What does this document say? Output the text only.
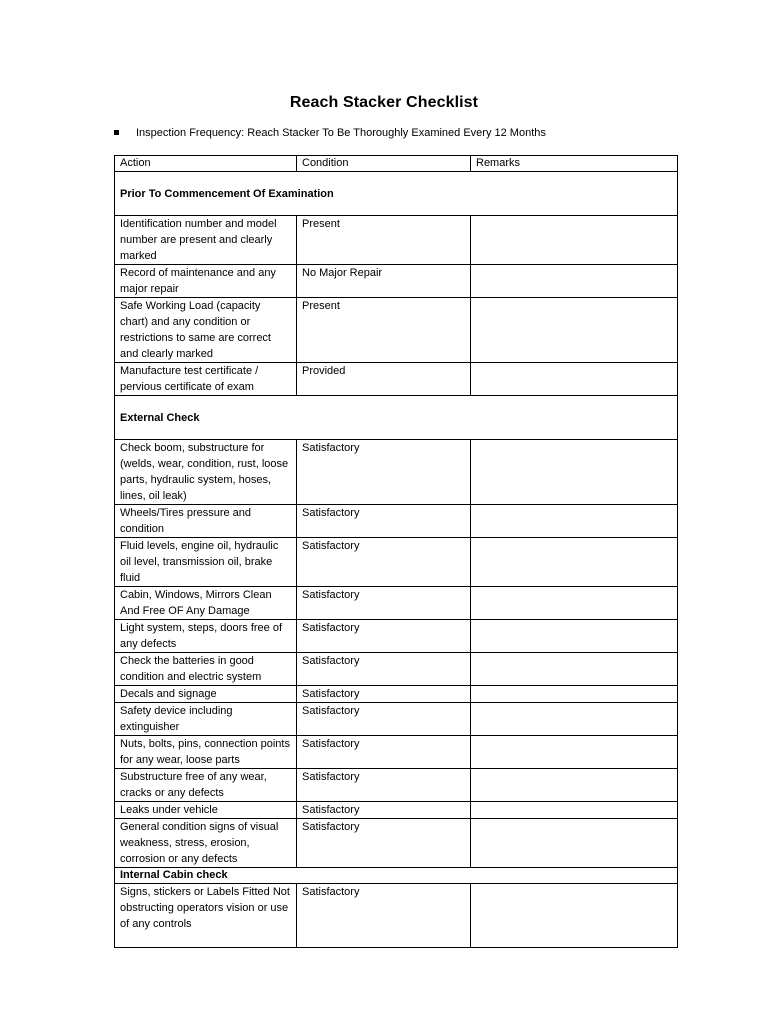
Reach Stacker Checklist
Inspection Frequency: Reach Stacker To Be Thoroughly Examined Every 12 Months
Action	Condition	Remarks
Prior To Commencement Of Examination		
Identification number and model number are present and clearly marked	Present	
Record of maintenance and any major repair	No Major Repair	
Safe Working Load (capacity chart) and any condition or restrictions to same are correct and clearly marked	Present	
Manufacture test certificate / pervious certificate of exam	Provided	
External Check		
Check boom, substructure for (welds, wear, condition, rust, loose parts, hydraulic system, hoses, lines, oil leak)	Satisfactory	
Wheels/Tires pressure and condition	Satisfactory	
Fluid levels, engine oil, hydraulic oil level, transmission oil, brake fluid	Satisfactory	
Cabin, Windows, Mirrors Clean And Free OF Any Damage	Satisfactory	
Light system, steps, doors free of any defects	Satisfactory	
Check the batteries in good condition and electric system	Satisfactory	
Decals and signage	Satisfactory	
Safety device including extinguisher	Satisfactory	
Nuts, bolts, pins, connection points for any wear, loose parts	Satisfactory	
Substructure free of any wear, cracks or any defects	Satisfactory	
Leaks under vehicle	Satisfactory	
General condition signs of visual weakness, stress, erosion, corrosion or any defects	Satisfactory	
Internal Cabin check		
Signs, stickers or Labels Fitted Not obstructing operators vision or use of any controls	Satisfactory	
